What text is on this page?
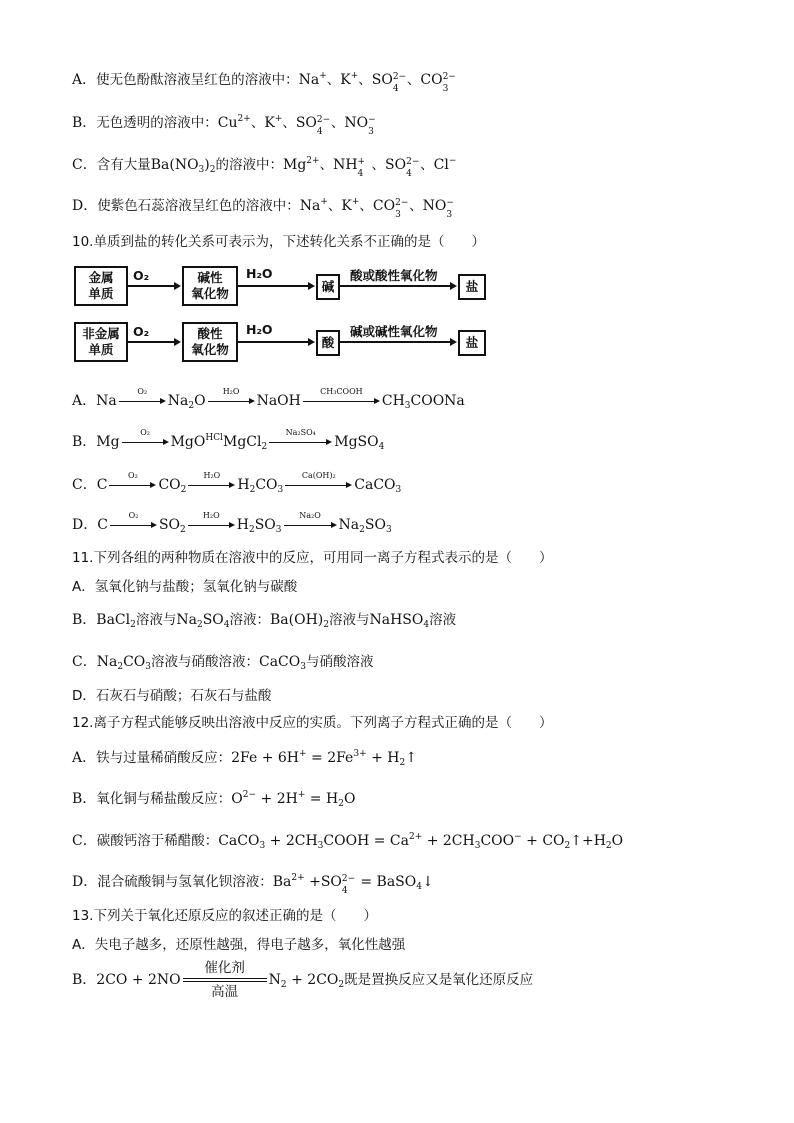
A．使无色酚酞溶液呈红色的溶液中：Na+、K+、SO 2−
4
、CO 2−
3
B．无色透明的溶液中：$Cu^{2+}$、K+、SO 2−
4
、NO −
3
C．含有大量$Ba(NO_3)_2$的溶液中：$Mg^{2+}$、NH +
4
、SO 2−
4
、Cl−
D．使紫色石蕊溶液呈红色的溶液中：Na+、K+、CO 2−
3
、NO −
3
10.单质到盐的转化关系可表示为，下述转化关系不正确的是（　　）
金属
单质
O₂	碱性
氧化物
H₂O
碱
酸或酸性氧化物
非金属
单质
O₂	酸性
氧化物
H₂O
酸
碱或碱性氧化物
盐
盐
A．Na
O₂
$Na_2O$
H₂O
NaOH
CH₃COOH
$CH_3COONa$
B．Mg
O₂
MgO$^{HCl}$MgCl$_2$
Na₂SO₄
MgSO$_4$
C．C
O₂
$CO_2$
H₂O
$H_2CO_3$
Ca(OH)₂
CaCO$_3$
D．C
O₂
$SO_2$
H₂O
$H_2SO_3$
Na₂O
$Na_2SO_3$
11.下列各组的两种物质在溶液中的反应，可用同一离子方程式表示的是（　　）
A．氢氧化钠与盐酸；氢氧化钠与碳酸
B．BaCl$_2$溶液与$Na_2SO_4$溶液：$Ba(OH)_2$溶液与NaHSO$_4$溶液
C．$Na_2CO_3$溶液与硝酸溶液：CaCO$_3$与硝酸溶液
D．石灰石与硝酸；石灰石与盐酸
12.离子方程式能够反映出溶液中反应的实质。下列离子方程式正确的是（　　）
A．铁与过量稀硝酸反应：$2Fe + 6H^+ = 2Fe^{3+}$ + $H_2↑$
B．氧化铜与稀盐酸反应：$O^{2-} + 2H^+ = H_2O$
C．碳酸钙溶于稀醋酸：CaCO$_3$ + $2CH_3COOH = Ca^{2+} + 2CH_3COO^-$ + $CO_2↑+H_2O$
D．混合硫酸铜与氢氧化钡溶液：$Ba^{2+} +SO$ 2−
4
= BaSO$_4$↓
13.下列关于氧化还原反应的叙述正确的是（　　）
A．失电子越多，还原性越强，得电子越多，氧化性越强
B．$2CO + 2NO \frac{\text{催化剂}}{\text{高温}} N_2 + 2CO_2$既是置换反应又是氧化还原反应
